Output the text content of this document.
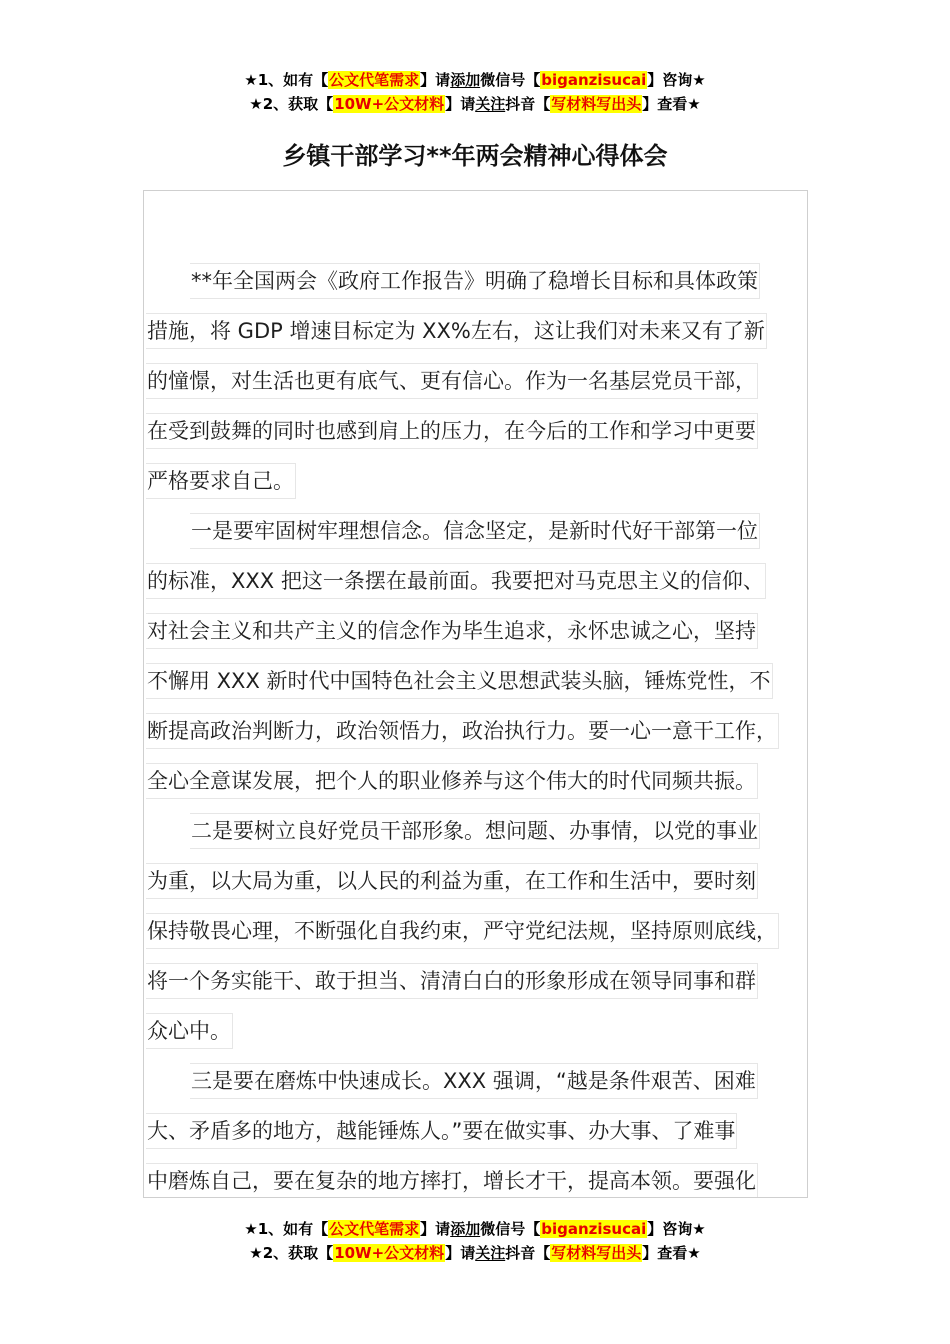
★1、如有【公文代笔需求】请添加微信号【biganzisucai】咨询★
★2、获取【10W+公文材料】请关注抖音【写材料写出头】查看★
乡镇干部学习**年两会精神心得体会
**年全国两会《政府工作报告》明确了稳增长目标和具体政策
措施，将 GDP 增速目标定为 XX%左右，这让我们对未来又有了新
的憧憬，对生活也更有底气、更有信心。作为一名基层党员干部，
在受到鼓舞的同时也感到肩上的压力，在今后的工作和学习中更要
严格要求自己。
一是要牢固树牢理想信念。信念坚定，是新时代好干部第一位
的标准，XXX 把这一条摆在最前面。我要把对马克思主义的信仰、
对社会主义和共产主义的信念作为毕生追求，永怀忠诚之心，坚持
不懈用 XXX 新时代中国特色社会主义思想武装头脑，锤炼党性，不
断提高政治判断力，政治领悟力，政治执行力。要一心一意干工作，
全心全意谋发展，把个人的职业修养与这个伟大的时代同频共振。
二是要树立良好党员干部形象。想问题、办事情，以党的事业
为重，以大局为重，以人民的利益为重，在工作和生活中，要时刻
保持敬畏心理，不断强化自我约束，严守党纪法规，坚持原则底线，
将一个务实能干、敢于担当、清清白白的形象形成在领导同事和群
众心中。
三是要在磨炼中快速成长。XXX 强调，“越是条件艰苦、困难
大、矛盾多的地方，越能锤炼人。”要在做实事、办大事、了难事
中磨炼自己，要在复杂的地方摔打，增长才干，提高本领。要强化
★1、如有【公文代笔需求】请添加微信号【biganzisucai】咨询★
★2、获取【10W+公文材料】请关注抖音【写材料写出头】查看★
